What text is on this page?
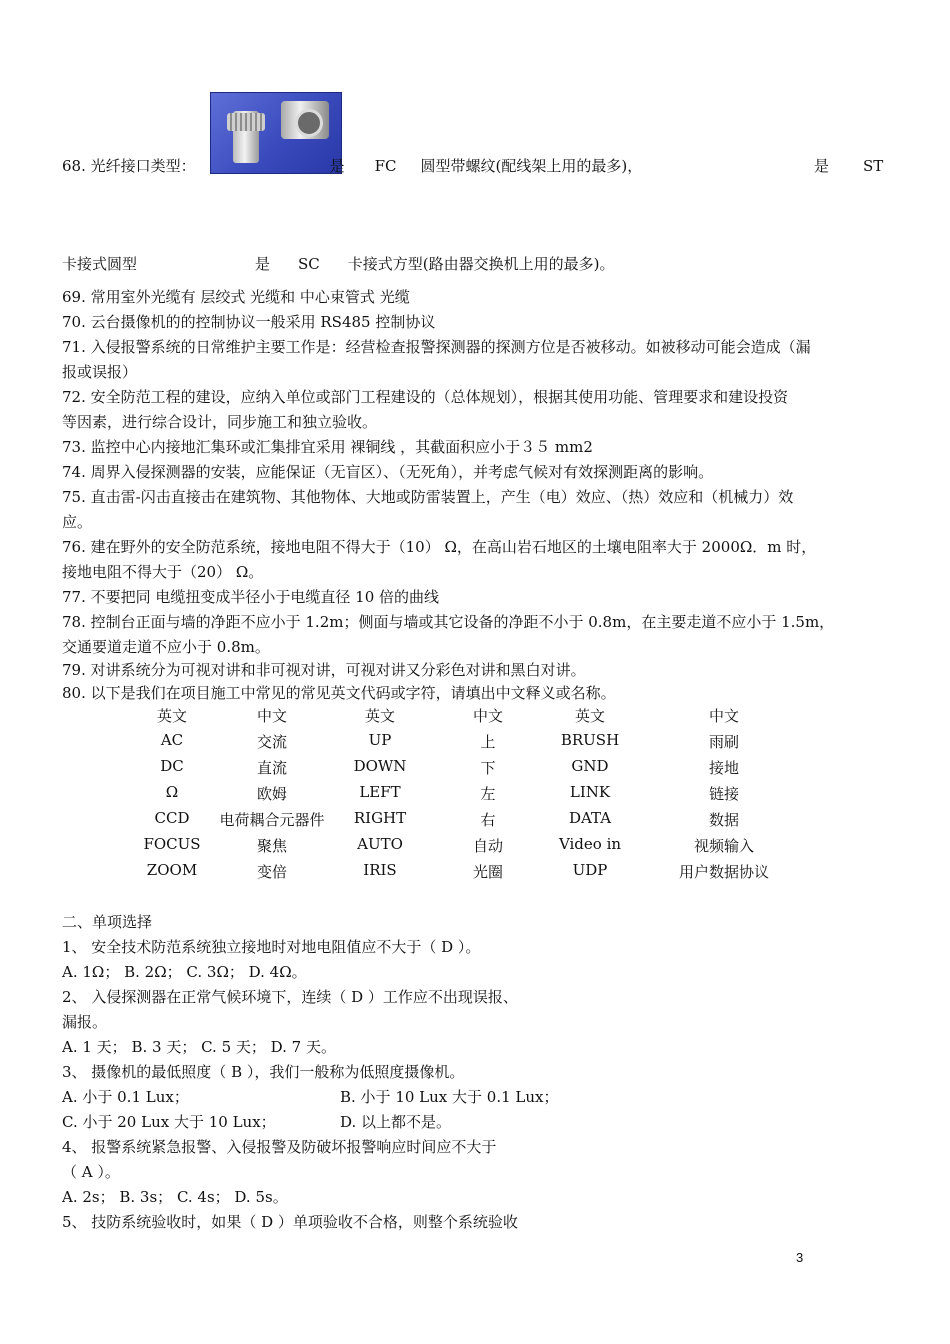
68. 光纤接口类型：	是 FC 圆型带螺纹(配线架上用的最多)，	是 ST
卡接式圆型	是 SC 卡接式方型(路由器交换机上用的最多)。
69. 常用室外光缆有 层绞式 光缆和 中心束管式 光缆
70. 云台摄像机的的控制协议一般采用 RS485 控制协议
71. 入侵报警系统的日常维护主要工作是：经营检查报警探测器的探测方位是否被移动。如被移动可能会造成（漏
报或误报）
72. 安全防范工程的建设，应纳入单位或部门工程建设的（总体规划），根据其使用功能、管理要求和建设投资
等因素，进行综合设计，同步施工和独立验收。
73. 监控中心内接地汇集环或汇集排宜采用 裸铜线 ，其截面积应小于３５ mm2
74. 周界入侵探测器的安装，应能保证（无盲区）、（无死角），并考虑气候对有效探测距离的影响。
75. 直击雷-闪击直接击在建筑物、其他物体、大地或防雷装置上，产生（电）效应、（热）效应和（机械力）效
应。
76. 建在野外的安全防范系统，接地电阻不得大于（10） Ω，在高山岩石地区的土壤电阻率大于 2000Ω．m 时，
接地电阻不得大于（20） Ω。
77. 不要把同 电缆扭变成半径小于电缆直径 10 倍的曲线
78. 控制台正面与墙的净距不应小于 1.2m；侧面与墙或其它设备的净距不小于 0.8m，在主要走道不应小于 1.5m，
交通要道走道不应小于 0.8m。
79. 对讲系统分为可视对讲和非可视对讲，可视对讲又分彩色对讲和黑白对讲。
80. 以下是我们在项目施工中常见的常见英文代码或字符，请填出中文释义或名称。
英文	中文	英文	中文	英文	中文
AC	交流	UP	上	BRUSH	雨刷
DC	直流	DOWN	下	GND	接地
Ω	欧姆	LEFT	左	LINK	链接
CCD	电荷耦合元器件	RIGHT	右	DATA	数据
FOCUS	聚焦	AUTO	自动	Video in	视频输入
ZOOM	变倍	IRIS	光圈	UDP	用户数据协议
二、单项选择
1、 安全技术防范系统独立接地时对地电阻值应不大于（ D ）。
A. 1Ω； B. 2Ω； C. 3Ω； D. 4Ω。
2、 入侵探测器在正常气候环境下，连续（ D ）工作应不出现误报、
漏报。
A. 1 天； B. 3 天； C. 5 天； D. 7 天。
3、 摄像机的最低照度（ B ），我们一般称为低照度摄像机。
A. 小于 0.1 Lux；	B. 小于 10 Lux 大于 0.1 Lux；
C. 小于 20 Lux 大于 10 Lux；	D. 以上都不是。
4、 报警系统紧急报警、入侵报警及防破坏报警响应时间应不大于
（ A ）。
A. 2s； B. 3s； C. 4s； D. 5s。
5、 技防系统验收时，如果（ D ）单项验收不合格，则整个系统验收
3
